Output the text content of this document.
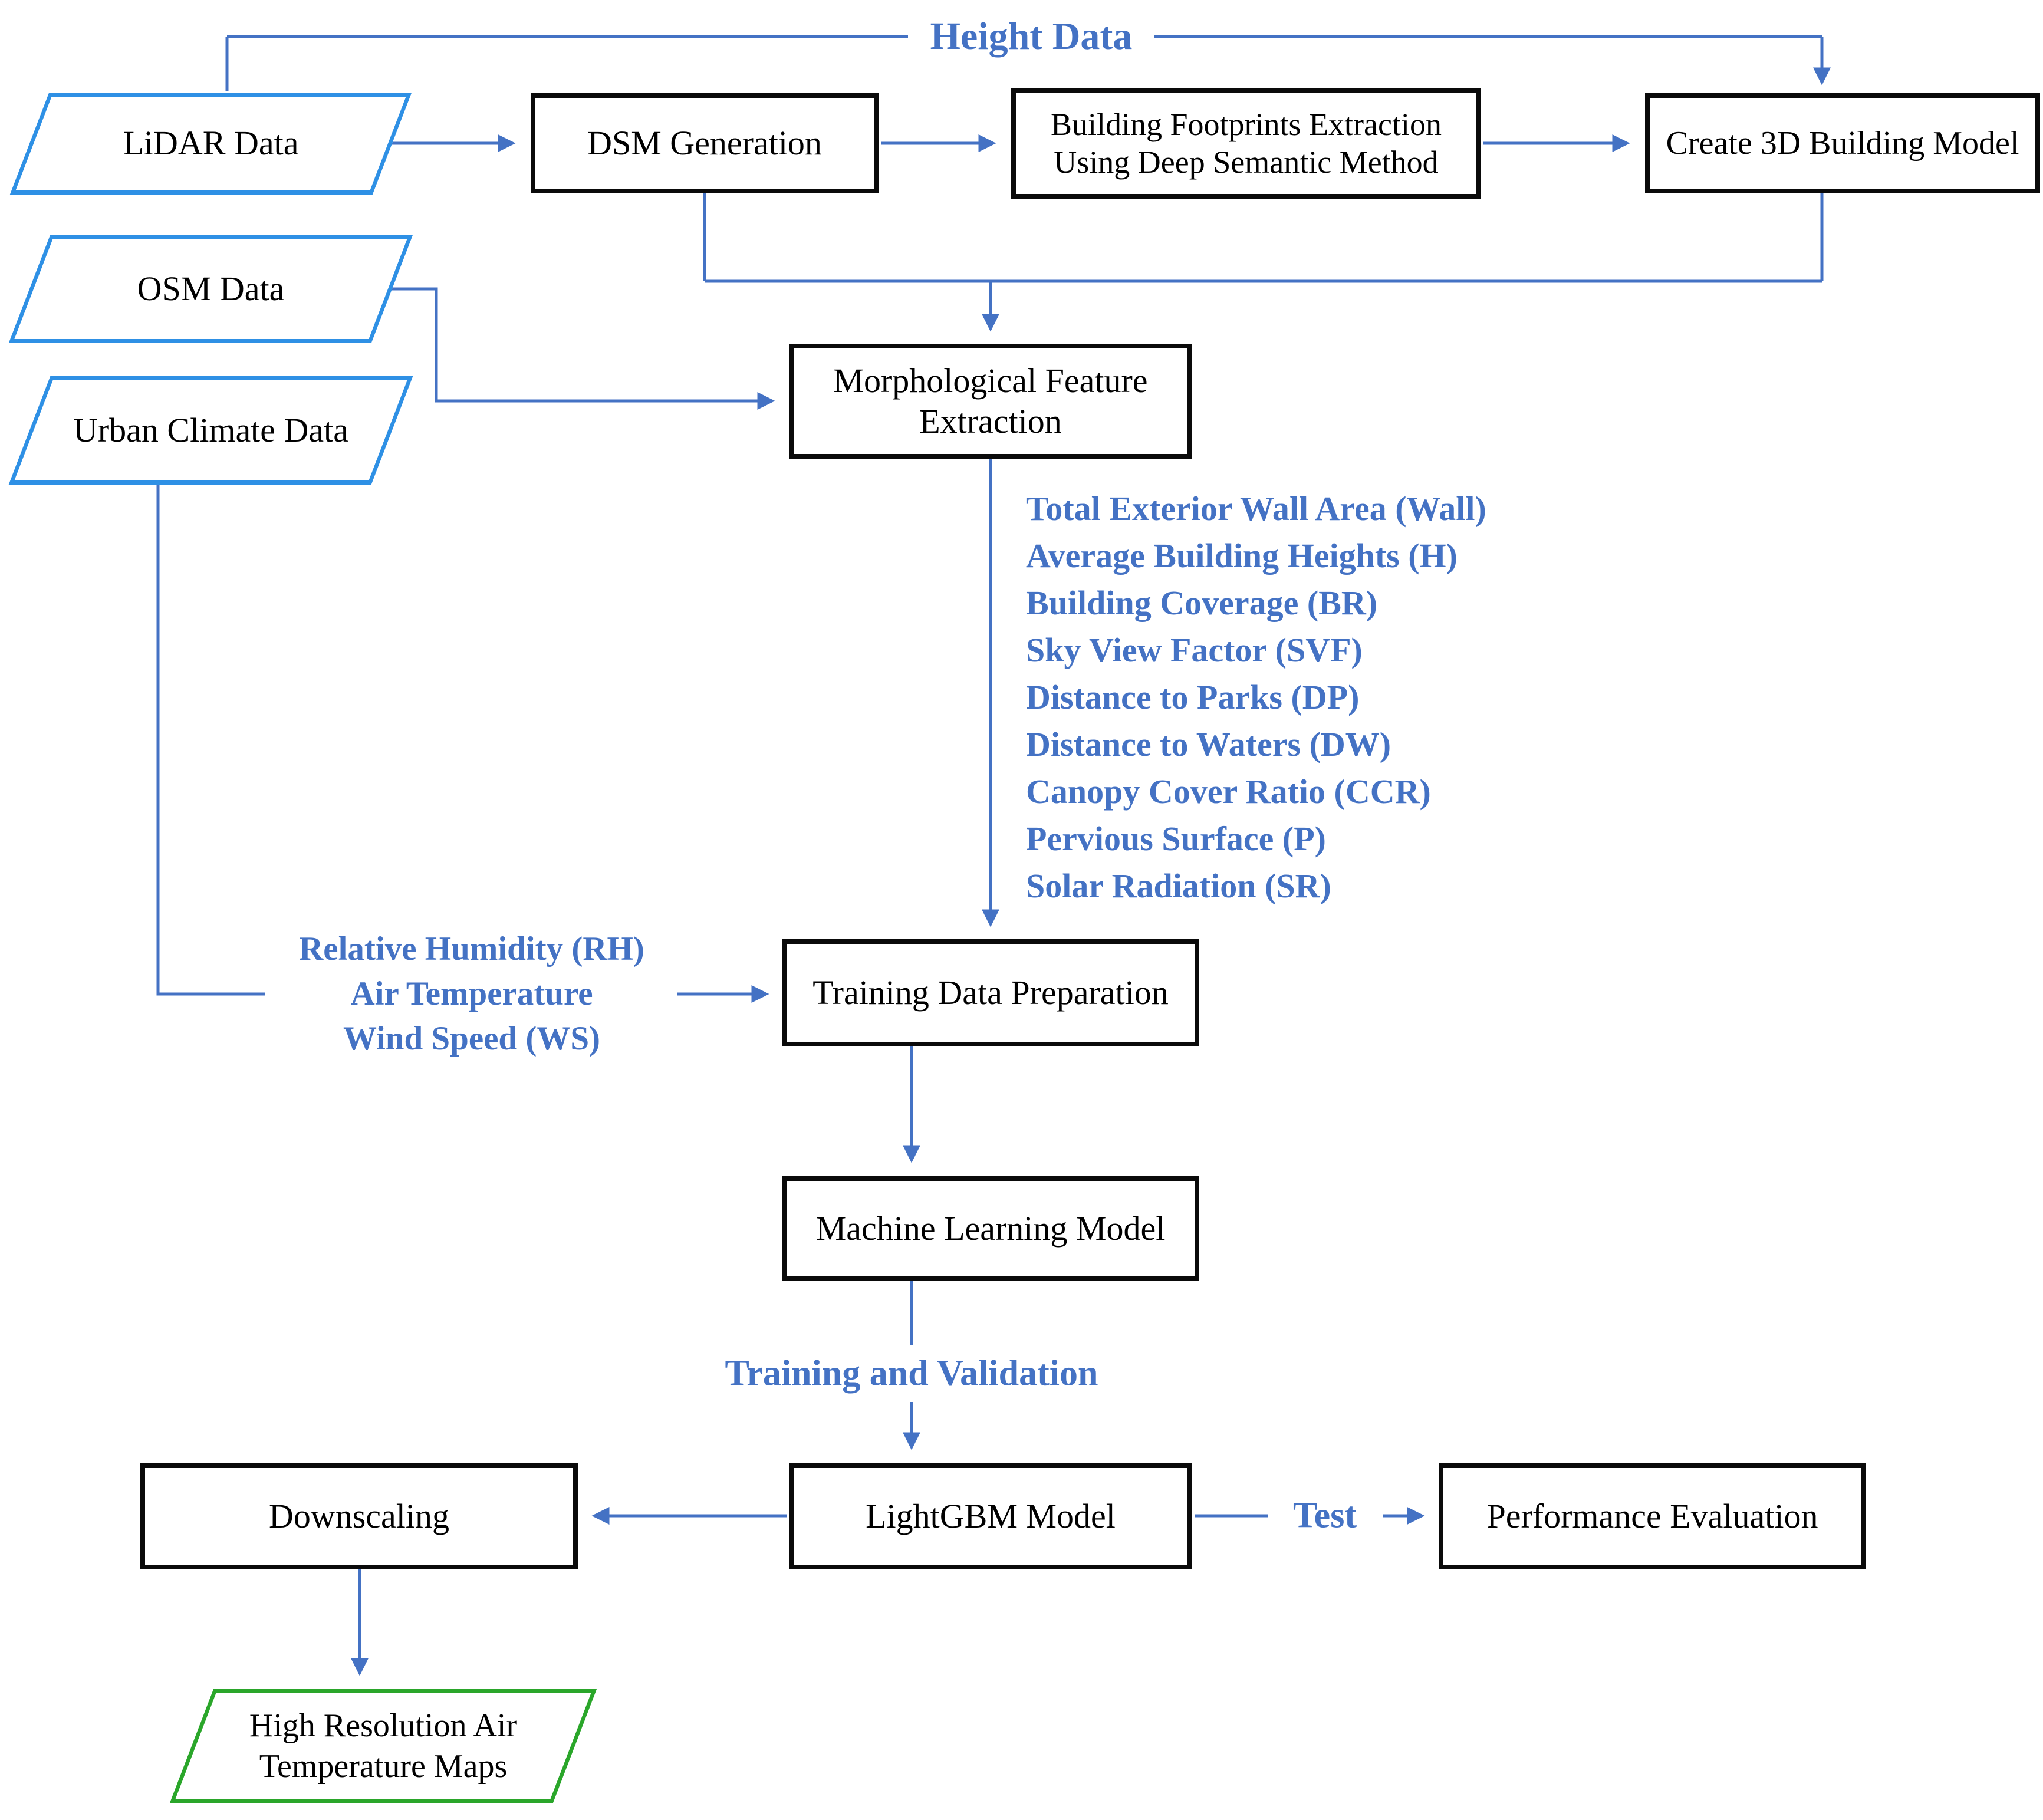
LiDAR Data
OSM Data
Urban Climate Data
High Resolution Air
Temperature Maps
DSM Generation	Building Footprints Extraction
Using Deep Semantic Method
Create 3D Building Model
Morphological Feature
Extraction
Training Data Preparation
Machine Learning Model
LightGBM Model
Downscaling	Performance Evaluation
Height Data
Total Exterior Wall Area (Wall)
Average Building Heights (H)
Building Coverage (BR)
Sky View Factor (SVF)
Distance to Parks (DP)
Distance to Waters (DW)
Canopy Cover Ratio (CCR)
Pervious Surface (P)
Solar Radiation (SR)
Relative Humidity (RH)
Air Temperature
Wind Speed (WS)
Training and Validation
Test
